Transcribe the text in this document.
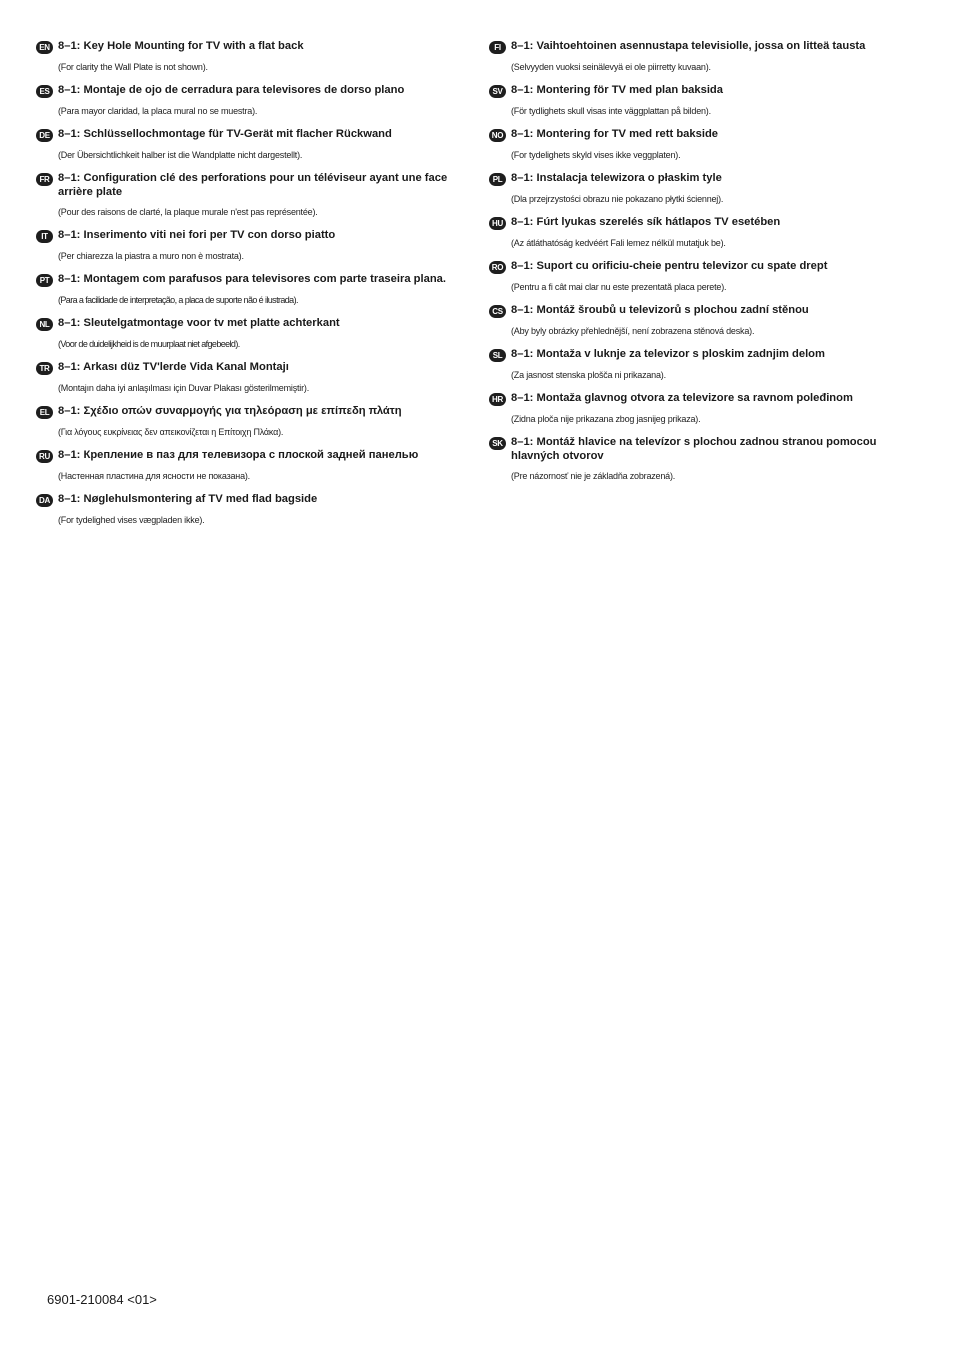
EN 8–1: Key Hole Mounting for TV with a flat back
(For clarity the Wall Plate is not shown).
ES 8–1: Montaje de ojo de cerradura para televisores de dorso plano
(Para mayor claridad, la placa mural no se muestra).
DE 8–1: Schlüssellochmontage für TV-Gerät mit flacher Rückwand
(Der Übersichtlichkeit halber ist die Wandplatte nicht dargestellt).
FR 8–1: Configuration clé des perforations pour un téléviseur ayant une face arrière plate
(Pour des raisons de clarté, la plaque murale n'est pas représentée).
IT 8–1: Inserimento viti nei fori per TV con dorso piatto
(Per chiarezza la piastra a muro non è mostrata).
PT 8–1: Montagem com parafusos para televisores com parte traseira plana.
(Para a facilidade de interpretação, a placa de suporte não é ilustrada).
NL 8–1: Sleutelgatmontage voor tv met platte achterkant
(Voor de duidelijkheid is de muurplaat niet afgebeeld).
TR 8–1: Arkası düz TV'lerde Vida Kanal Montajı
(Montajın daha iyi anlaşılması için Duvar Plakası gösterilmemiştir).
EL 8–1: Σχέδιο οπών συναρμογής για τηλεόραση με επίπεδη πλάτη
(Για λόγους ευκρίνειας δεν απεικονίζεται η Επίτοιχη Πλάκα).
RU 8–1: Крепление в паз для телевизора с плоской задней панелью
(Настенная пластина для ясности не показана).
DA 8–1: Nøglehulsmontering af TV med flad bagside
(For tydelighed vises vægpladen ikke).
FI 8–1: Vaihtoehtoinen asennustapa televisiolle, jossa on litteä tausta
(Selvyyden vuoksi seinälevyä ei ole piirretty kuvaan).
SV 8–1: Montering för TV med plan baksida
(För tydlighets skull visas inte väggplattan på bilden).
NO 8–1: Montering for TV med rett bakside
(For tydelighets skyld vises ikke veggplaten).
PL 8–1: Instalacja telewizora o płaskim tyle
(Dla przejrzystości obrazu nie pokazano płytki ściennej).
HU 8–1: Fúrt lyukas szerelés sík hátlapos TV esetében
(Az átláthatóság kedvéért Fali lemez nélkül mutatjuk be).
RO 8–1: Suport cu orificiu-cheie pentru televizor cu spate drept
(Pentru a fi cât mai clar nu este prezentată placa perete).
CS 8–1: Montáž šroubů u televizorů s plochou zadní stěnou
(Aby byly obrázky přehlednější, není zobrazena stěnová deska).
SL 8–1: Montaža v luknje za televizor s ploskim zadnjim delom
(Za jasnost stenska plošča ni prikazana).
HR 8–1: Montaža glavnog otvora za televizore sa ravnom poleđinom
(Zidna ploča nije prikazana zbog jasnijeg prikaza).
SK 8–1: Montáž hlavice na televízor s plochou zadnou stranou pomocou hlavných otvorov
(Pre názornosť nie je základňa zobrazená).
6901-210084 <01>
